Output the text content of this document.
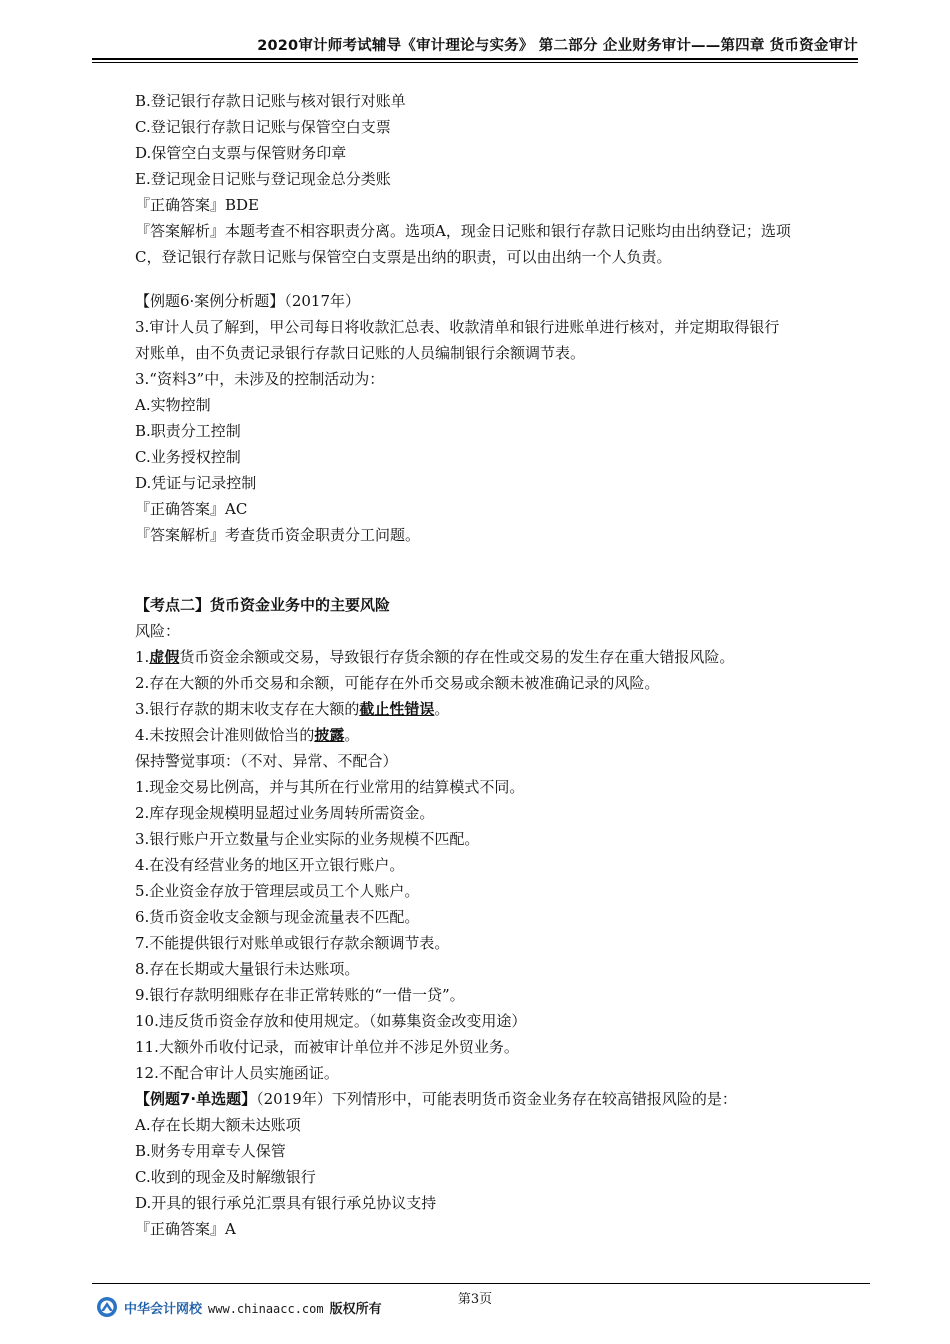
2020审计师考试辅导《审计理论与实务》 第二部分 企业财务审计——第四章 货币资金审计
B.登记银行存款日记账与核对银行对账单
C.登记银行存款日记账与保管空白支票
D.保管空白支票与保管财务印章
E.登记现金日记账与登记现金总分类账
『正确答案』BDE
『答案解析』本题考查不相容职责分离。选项A，现金日记账和银行存款日记账均由出纳登记；选项
C，登记银行存款日记账与保管空白支票是出纳的职责，可以由出纳一个人负责。
【例题6·案例分析题】（2017年）
3.审计人员了解到，甲公司每日将收款汇总表、收款清单和银行进账单进行核对，并定期取得银行
对账单，由不负责记录银行存款日记账的人员编制银行余额调节表。
3.“资料3”中，未涉及的控制活动为：
A.实物控制
B.职责分工控制
C.业务授权控制
D.凭证与记录控制
『正确答案』AC
『答案解析』考查货币资金职责分工问题。
【考点二】货币资金业务中的主要风险
风险：
1.虚假货币资金余额或交易，导致银行存货余额的存在性或交易的发生存在重大错报风险。
2.存在大额的外币交易和余额，可能存在外币交易或余额未被准确记录的风险。
3.银行存款的期末收支存在大额的截止性错误。
4.未按照会计准则做恰当的披露。
保持警觉事项：（不对、异常、不配合）
1.现金交易比例高，并与其所在行业常用的结算模式不同。
2.库存现金规模明显超过业务周转所需资金。
3.银行账户开立数量与企业实际的业务规模不匹配。
4.在没有经营业务的地区开立银行账户。
5.企业资金存放于管理层或员工个人账户。
6.货币资金收支金额与现金流量表不匹配。
7.不能提供银行对账单或银行存款余额调节表。
8.存在长期或大量银行未达账项。
9.银行存款明细账存在非正常转账的“一借一贷”。
10.违反货币资金存放和使用规定。（如募集资金改变用途）
11.大额外币收付记录，而被审计单位并不涉足外贸业务。
12.不配合审计人员实施函证。
【例题7·单选题】（2019年）下列情形中，可能表明货币资金业务存在较高错报风险的是：
A.存在长期大额未达账项
B.财务专用章专人保管
C.收到的现金及时解缴银行
D.开具的银行承兑汇票具有银行承兑协议支持
『正确答案』A
第3页
中华会计网校 www.chinaacc.com 版权所有
